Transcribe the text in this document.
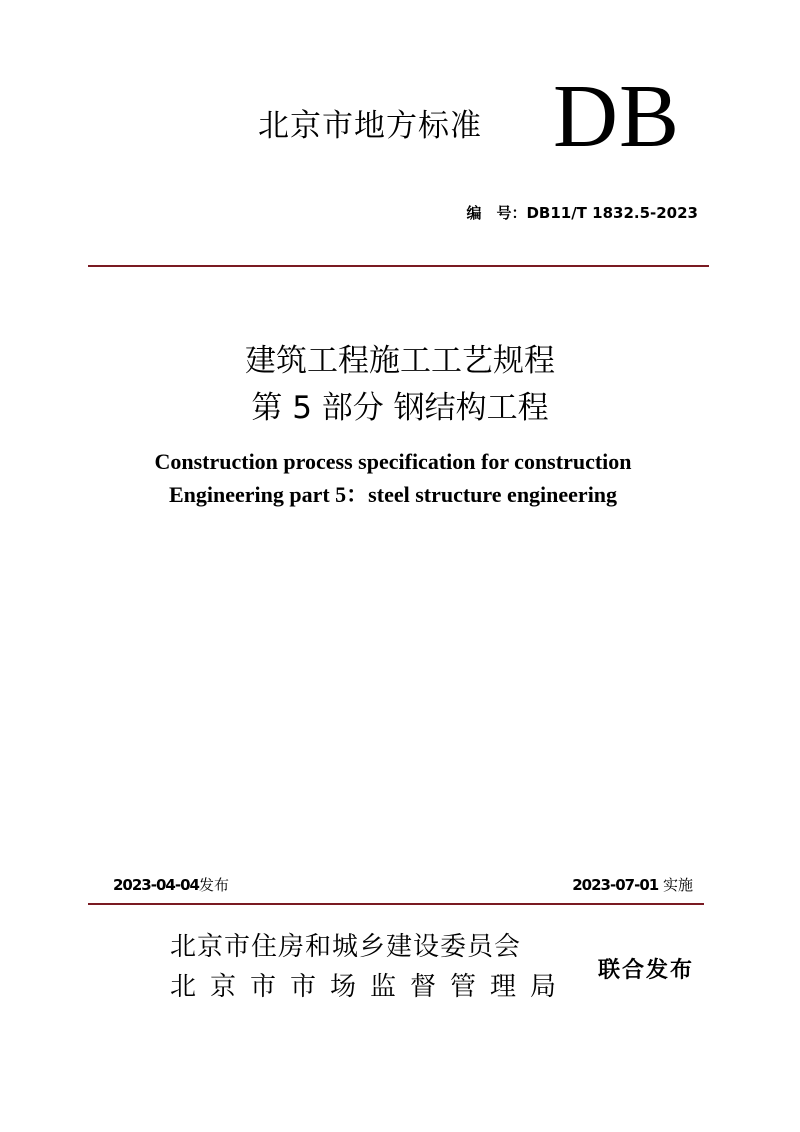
北京市地方标准 DB
编　号：DB11/T 1832.5-2023
建筑工程施工工艺规程
第 5 部分 钢结构工程
Construction process specification for construction
Engineering part 5：steel structure engineering
2023-04-04发布	2023-07-01 实施
北京市住房和城乡建设委员会
北京市市场监督管理局
联合发布
